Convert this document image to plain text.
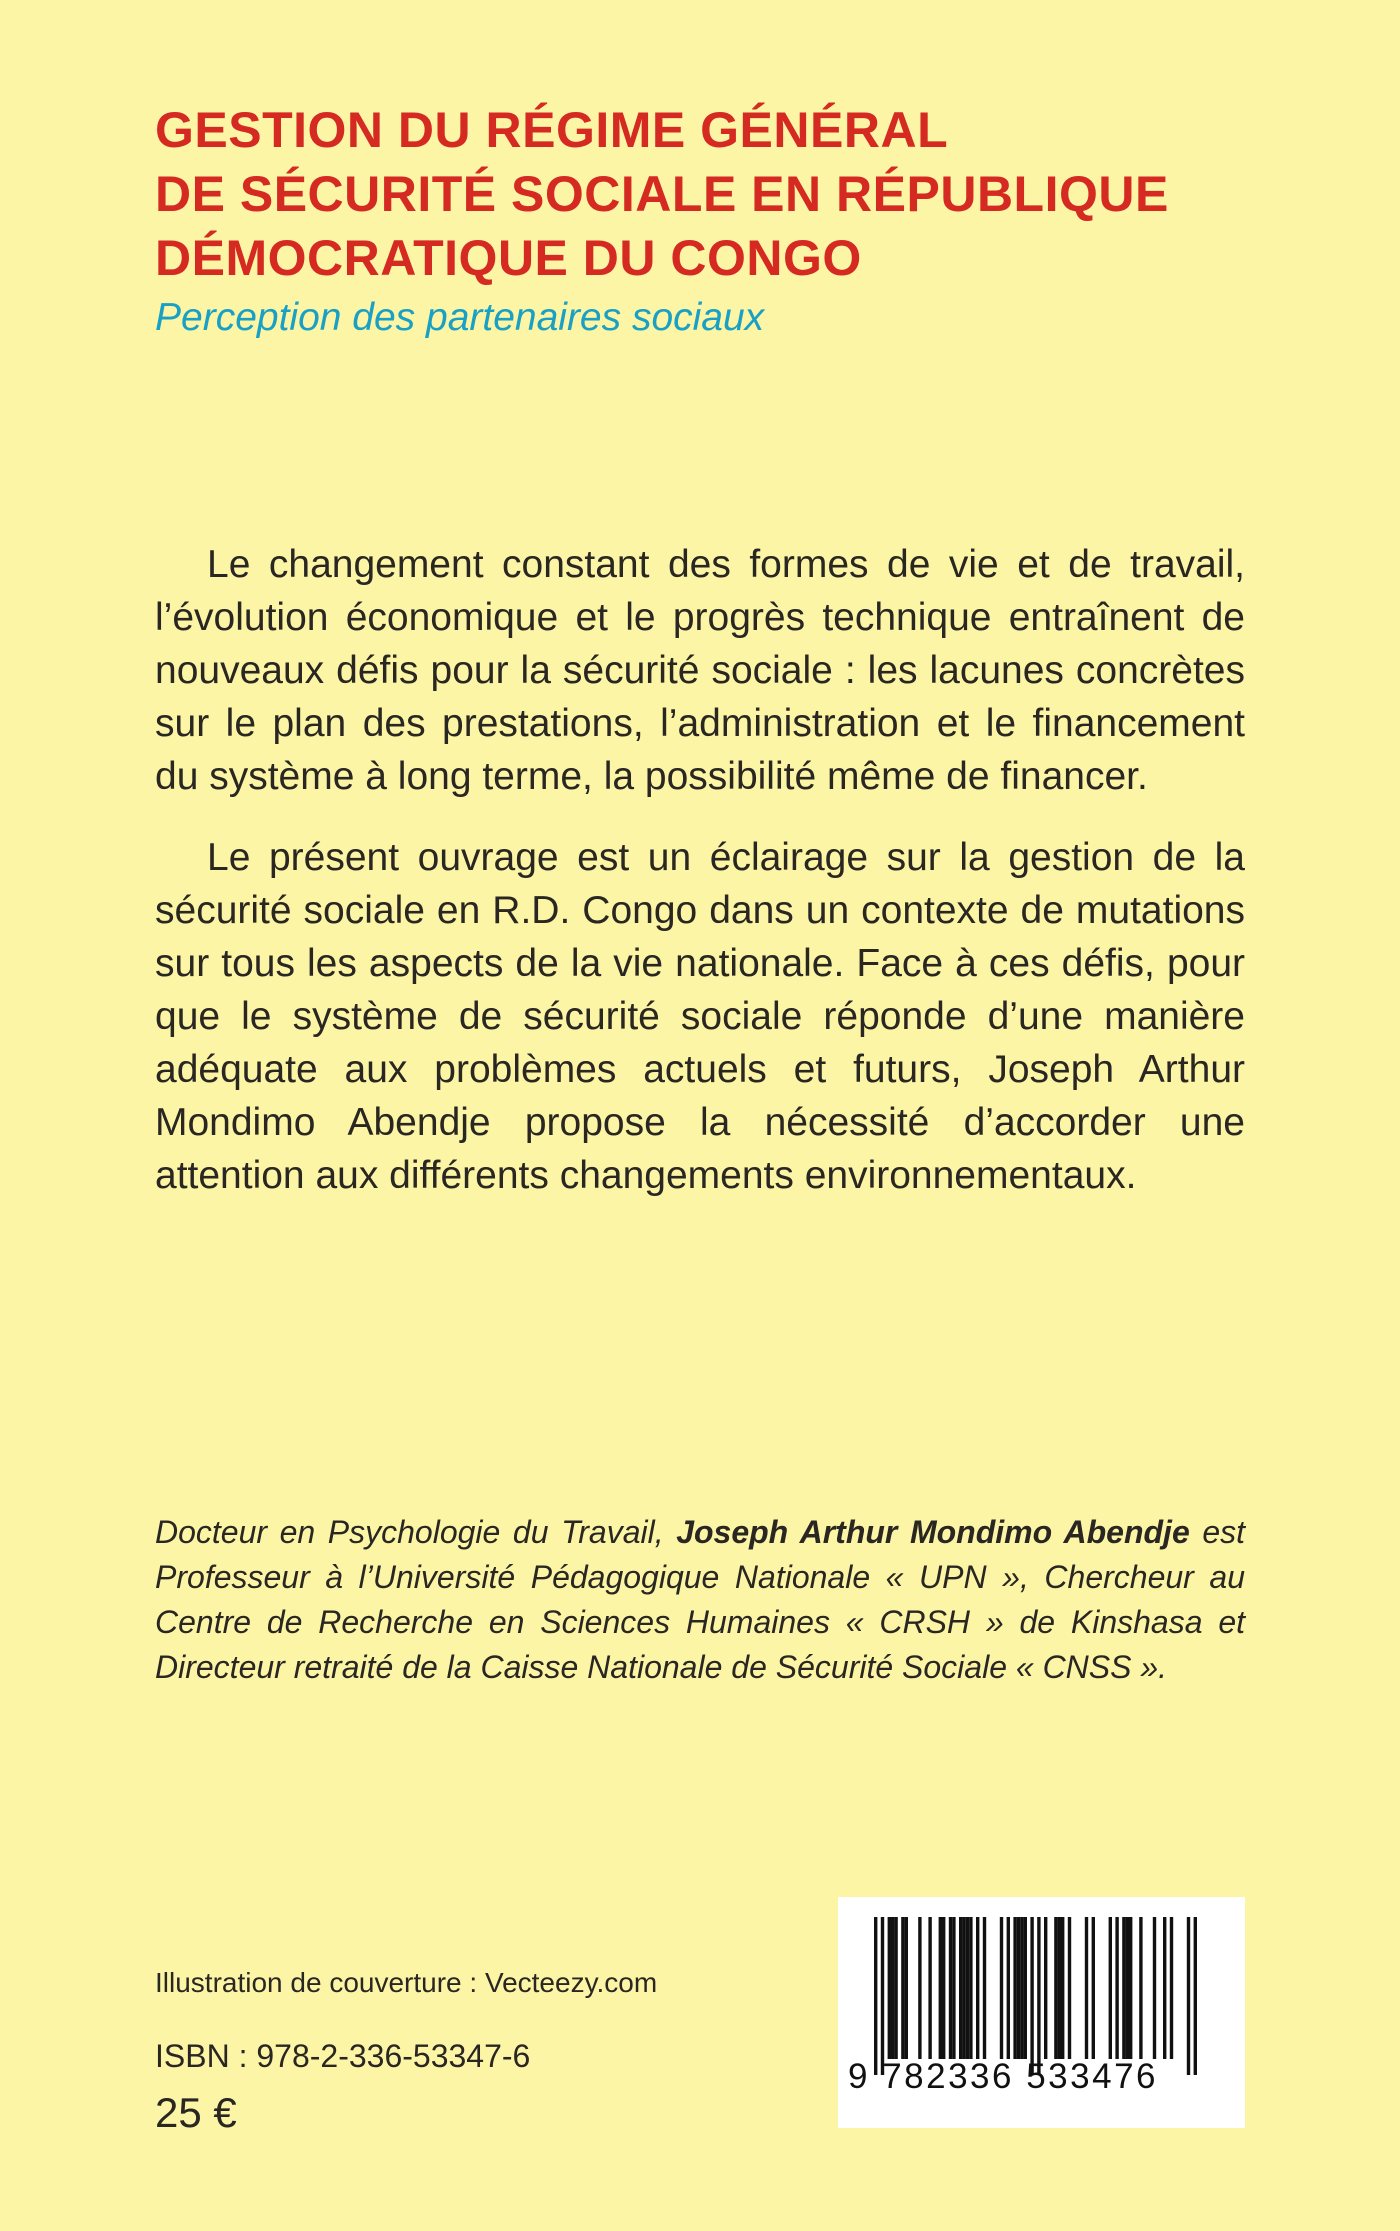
GESTION DU RÉGIME GÉNÉRAL
DE SÉCURITÉ SOCIALE EN RÉPUBLIQUE
DÉMOCRATIQUE DU CONGO
Perception des partenaires sociaux

Le changement constant des formes de vie et de travail, l’évolution économique et le progrès technique entraînent de nouveaux défis pour la sécurité sociale : les lacunes concrètes sur le plan des prestations, l’administration et le financement du système à long terme, la possibilité même de financer.

Le présent ouvrage est un éclairage sur la gestion de la sécurité sociale en R.D. Congo dans un contexte de mutations sur tous les aspects de la vie nationale. Face à ces défis, pour que le système de sécurité sociale réponde d’une manière adéquate aux problèmes actuels et futurs, Joseph Arthur Mondimo Abendje propose la nécessité d’accorder une attention aux différents changements environnementaux.

Docteur en Psychologie du Travail, Joseph Arthur Mondimo Abendje est Professeur à l’Université Pédagogique Nationale « UPN », Chercheur au Centre de Recherche en Sciences Humaines « CRSH » de Kinshasa et Directeur retraité de la Caisse Nationale de Sécurité Sociale « CNSS ».

Illustration de couverture : Vecteezy.com
ISBN : 978-2-336-53347-6
25 €
9 782336 533476
